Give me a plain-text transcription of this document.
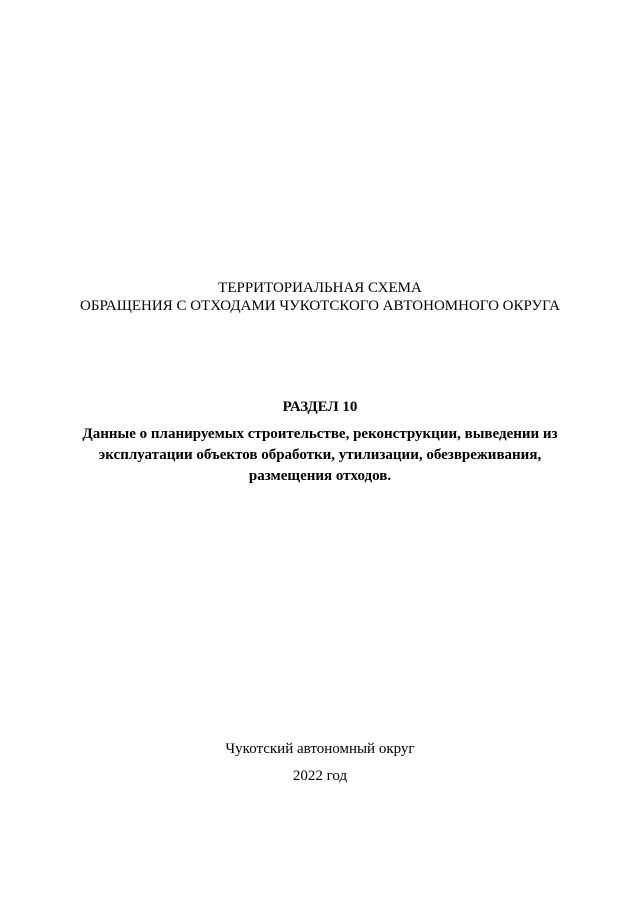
ТЕРРИТОРИАЛЬНАЯ СХЕМА
ОБРАЩЕНИЯ С ОТХОДАМИ ЧУКОТСКОГО АВТОНОМНОГО ОКРУГА
РАЗДЕЛ 10
Данные о планируемых строительстве, реконструкции, выведении из
эксплуатации объектов обработки, утилизации, обезвреживания,
размещения отходов.
Чукотский автономный округ
2022 год
